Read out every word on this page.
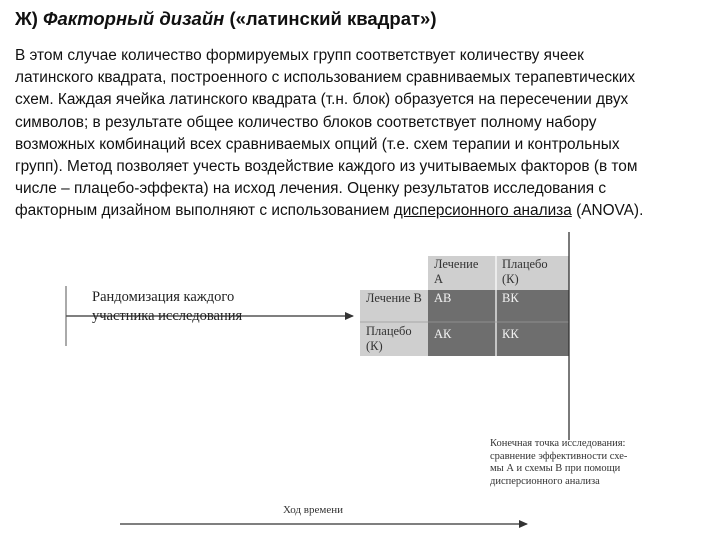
Ж) Факторный дизайн («латинский квадрат»)
В этом случае количество формируемых групп соответствует количеству ячеек
латинского квадрата, построенного с использованием сравниваемых терапевтических
схем. Каждая ячейка латинского квадрата (т.н. блок) образуется на пересечении двух
символов; в результате общее количество блоков соответствует полному набору
возможных комбинаций всех сравниваемых опций (т.е. схем терапии и контрольных
групп). Метод позволяет учесть воздействие каждого из учитываемых факторов (в том
числе – плацебо-эффекта) на исход лечения. Оценку результатов исследования с
факторным дизайном выполняют с использованием дисперсионного анализа (ANOVA).
Рандомизация каждого участника исследования
Лечение А
Плацебо (К)
Лечение В
Плацебо (К)
АВ	ВК
АК	КК
Конечная точка исследования:
сравнение эффективности схе-
мы А и схемы В при помощи
дисперсионного анализа
Ход времени
